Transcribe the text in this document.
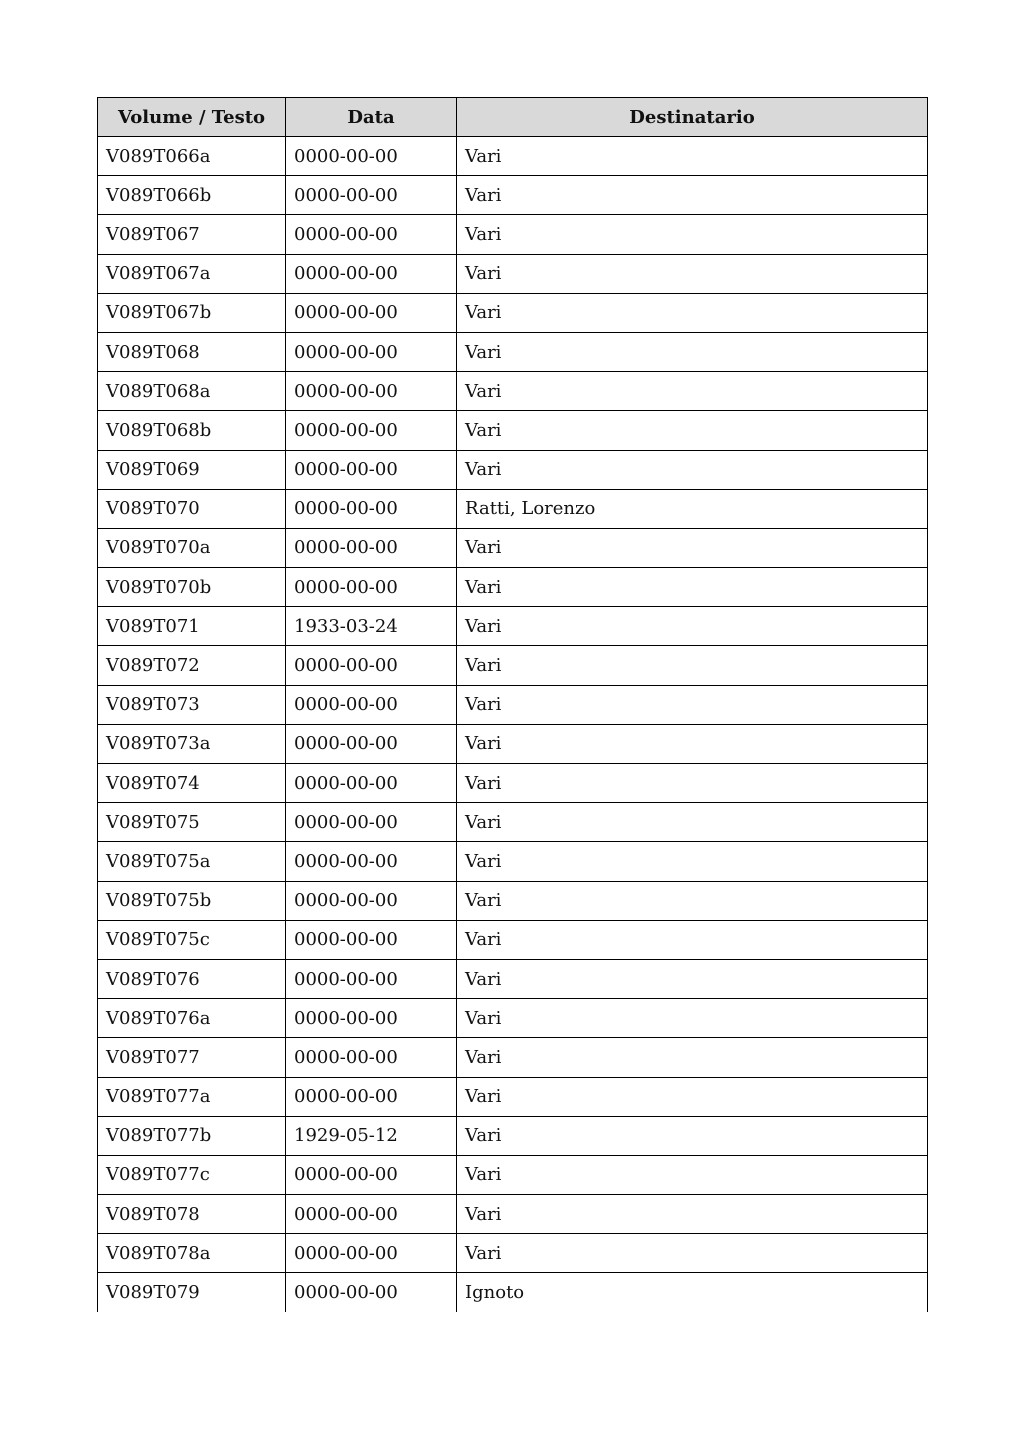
Volume / Testo	Data	Destinatario
V089T066a	0000-00-00	Vari
V089T066b	0000-00-00	Vari
V089T067	0000-00-00	Vari
V089T067a	0000-00-00	Vari
V089T067b	0000-00-00	Vari
V089T068	0000-00-00	Vari
V089T068a	0000-00-00	Vari
V089T068b	0000-00-00	Vari
V089T069	0000-00-00	Vari
V089T070	0000-00-00	Ratti, Lorenzo
V089T070a	0000-00-00	Vari
V089T070b	0000-00-00	Vari
V089T071	1933-03-24	Vari
V089T072	0000-00-00	Vari
V089T073	0000-00-00	Vari
V089T073a	0000-00-00	Vari
V089T074	0000-00-00	Vari
V089T075	0000-00-00	Vari
V089T075a	0000-00-00	Vari
V089T075b	0000-00-00	Vari
V089T075c	0000-00-00	Vari
V089T076	0000-00-00	Vari
V089T076a	0000-00-00	Vari
V089T077	0000-00-00	Vari
V089T077a	0000-00-00	Vari
V089T077b	1929-05-12	Vari
V089T077c	0000-00-00	Vari
V089T078	0000-00-00	Vari
V089T078a	0000-00-00	Vari
V089T079	0000-00-00	Ignoto
